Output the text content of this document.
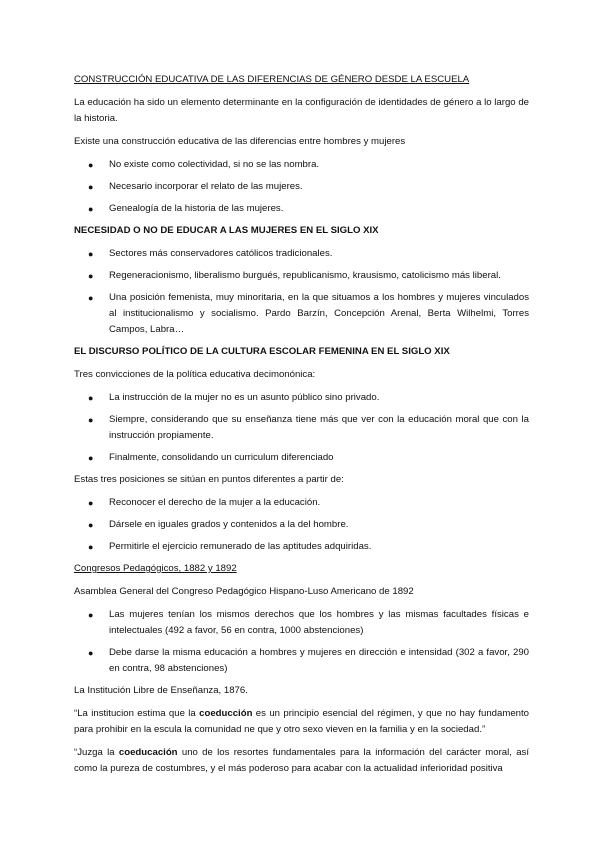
CONSTRUCCIÓN EDUCATIVA DE LAS DIFERENCIAS DE GÉNERO DESDE LA ESCUELA
La educación ha sido un elemento determinante en la configuración de identidades de género a lo largo de la historia.
Existe una construcción educativa de las diferencias entre hombres y mujeres
● No existe como colectividad, si no se las nombra.
● Necesario incorporar el relato de las mujeres.
● Genealogía de la historia de las mujeres.
NECESIDAD O NO DE EDUCAR A LAS MUJERES EN EL SIGLO XIX
● Sectores más conservadores católicos tradicionales.
● Regeneracionismo, liberalismo burgués, republicanismo, krausismo, catolicismo más liberal.
● Una posición femenista, muy minoritaria, en la que situamos a los hombres y mujeres vinculados al institucionalismo y socialismo. Pardo Barzín, Concepción Arenal, Berta Wilhelmi, Torres Campos, Labra…
EL DISCURSO POLÍTICO DE LA CULTURA ESCOLAR FEMENINA EN EL SIGLO XIX
Tres convicciones de la política educativa decimonónica:
● La instrucción de la mujer no es un asunto público sino privado.
● Siempre, considerando que su enseñanza tiene más que ver con la educación moral que con la instrucción propiamente.
● Finalmente, consolidando un curriculum diferenciado
Estas tres posiciones se sitúan en puntos diferentes a partir de:
● Reconocer el derecho de la mujer a la educación.
● Dársele en iguales grados y contenidos a la del hombre.
● Permitirle el ejercicio remunerado de las aptitudes adquiridas.
Congresos Pedagógicos, 1882 y 1892
Asamblea General del Congreso Pedagógico Hispano-Luso Americano de 1892
● Las mujeres tenían los mismos derechos que los hombres y las mismas facultades físicas e intelectuales (492 a favor, 56 en contra, 1000 abstenciones)
● Debe darse la misma educación a hombres y mujeres en dirección e intensidad (302 a favor, 290 en contra, 98 abstenciones)
La Institución Libre de Enseñanza, 1876.
“La institucion estima que la coeducción es un principio esencial del régimen, y que no hay fundamento para prohibir en la escula la comunidad ne que y otro sexo vieven en la familia y en la sociedad.”
“Juzga la coeducación uno de los resortes fundamentales para la información del carácter moral, así como la pureza de costumbres, y el más poderoso para acabar con la actualidad inferioridad positiva
